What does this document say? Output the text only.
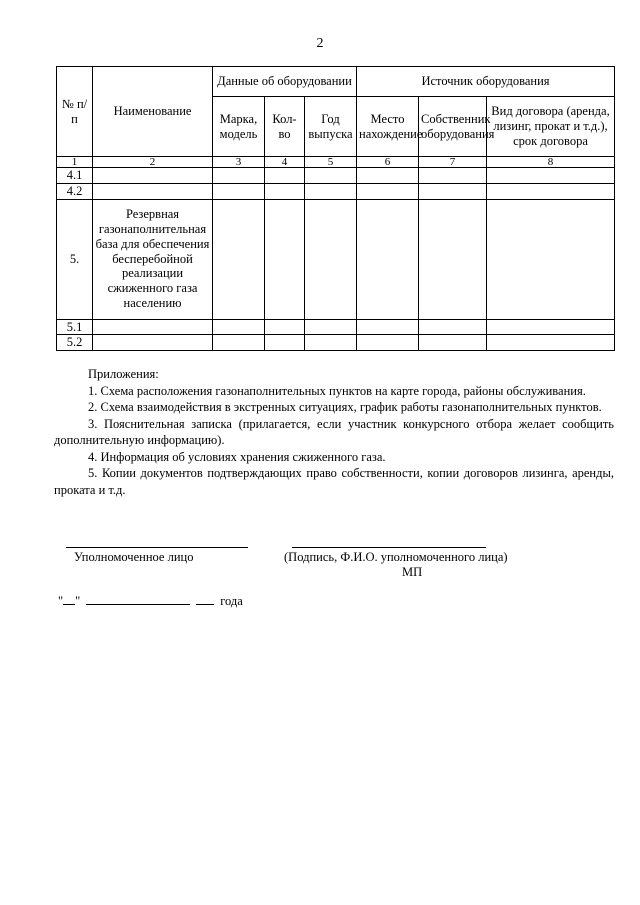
2
№ п/п	Наименование	Данные об оборудовании			Источник оборудования		
		Марка, модель	Кол-во	Год выпуска	Место нахождение	Собственник оборудования	Вид договора (аренда, лизинг, прокат и т.д.), срок договора
1	2	3	4	5	6	7	8
4.1							
4.2							
5.	Резервная газонаполнительная база для обеспечения бесперебойной реализации сжиженного газа населению						
5.1							
5.2							

Приложения:

1. Схема расположения газонаполнительных пунктов на карте города, районы обслуживания.

2. Схема взаимодействия в экстренных ситуациях, график работы газонаполнительных пунктов.

3. Пояснительная записка (прилагается, если участник конкурсного отбора желает сообщить дополнительную информацию).

4. Информация об условиях хранения сжиженного газа.

5. Копии документов подтверждающих право собственности, копии договоров лизинга, аренды, проката и т.д.

Уполномоченное лицо	(Подпись, Ф.И.О. уполномоченного лица)
МП
" "	года
